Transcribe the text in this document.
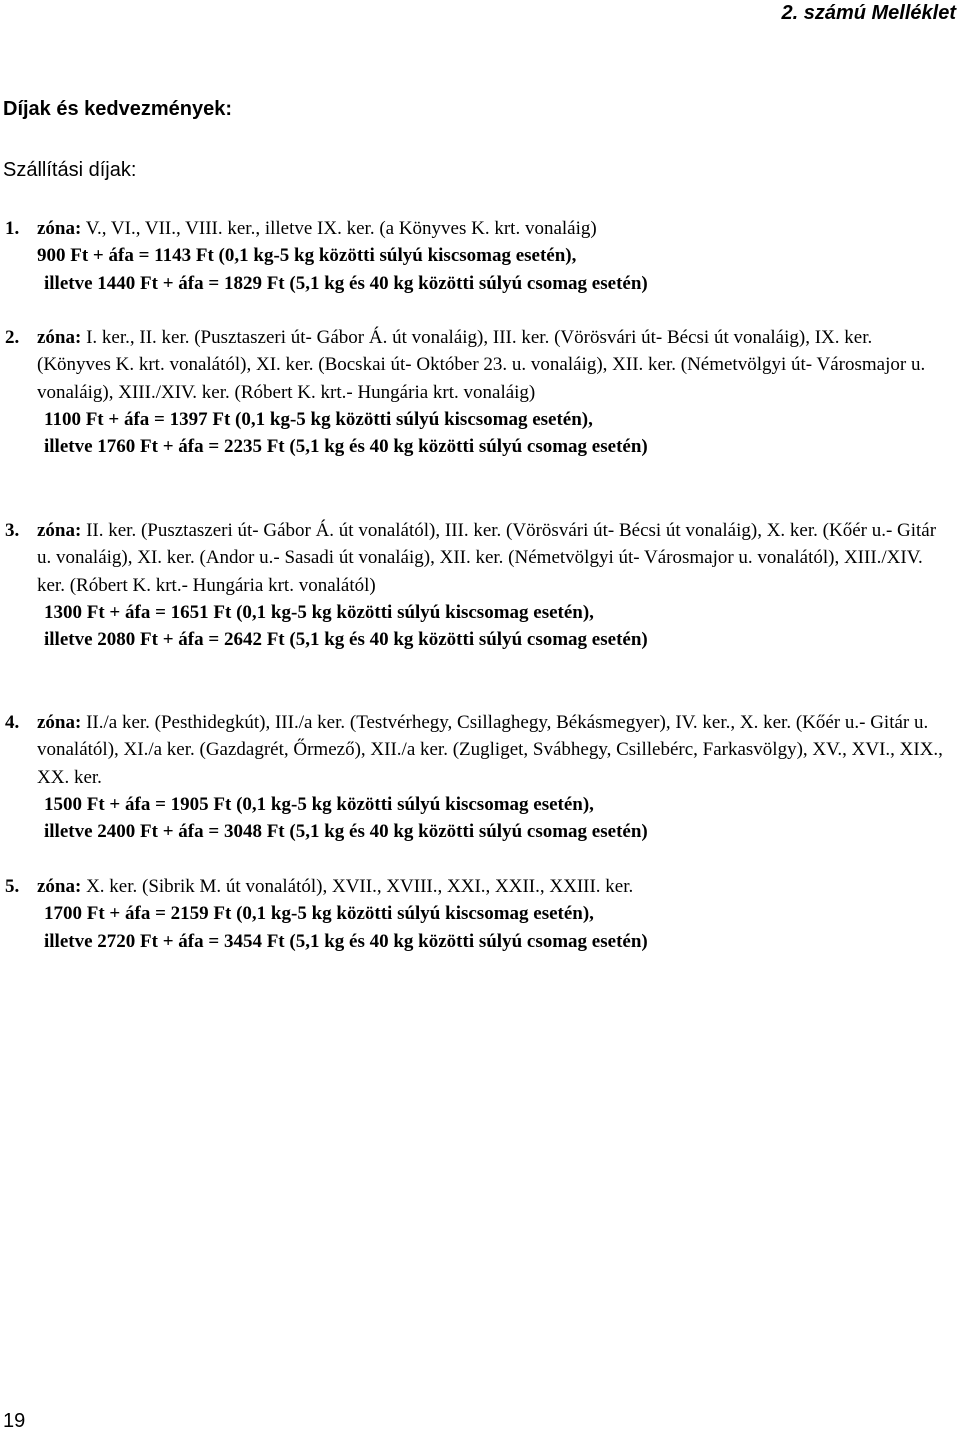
2. számú Melléklet
Díjak és kedvezmények:
Szállítási díjak:
1. zóna: V., VI., VII., VIII. ker., illetve IX. ker. (a Könyves K. krt. vonaláig)
900 Ft + áfa = 1143 Ft (0,1 kg-5 kg közötti súlyú kiscsomag esetén),
illetve 1440 Ft + áfa = 1829 Ft (5,1 kg és 40 kg közötti súlyú csomag esetén)
2. zóna: I. ker., II. ker. (Pusztaszeri út- Gábor Á. út vonaláig), III. ker. (Vörösvári út- Bécsi út vonaláig), IX. ker. (Könyves K. krt. vonalától), XI. ker. (Bocskai út- Október 23. u. vonaláig), XII. ker. (Németvölgyi út- Városmajor u. vonaláig), XIII./XIV. ker. (Róbert K. krt.- Hungária krt. vonaláig)
1100 Ft + áfa = 1397 Ft (0,1 kg-5 kg közötti súlyú kiscsomag esetén),
illetve 1760 Ft + áfa = 2235 Ft (5,1 kg és 40 kg közötti súlyú csomag esetén)
3. zóna: II. ker. (Pusztaszeri út- Gábor Á. út vonalától), III. ker. (Vörösvári út- Bécsi út vonaláig), X. ker. (Kőér u.- Gitár u. vonaláig), XI. ker. (Andor u.- Sasadi út vonaláig), XII. ker. (Németvölgyi út- Városmajor u. vonalától), XIII./XIV. ker. (Róbert K. krt.- Hungária krt. vonalától)
1300 Ft + áfa = 1651 Ft (0,1 kg-5 kg közötti súlyú kiscsomag esetén),
illetve 2080 Ft + áfa = 2642 Ft (5,1 kg és 40 kg közötti súlyú csomag esetén)
4. zóna: II./a ker. (Pesthidegkút), III./a ker. (Testvérhegy, Csillaghegy, Békásmegyer), IV. ker., X. ker. (Kőér u.- Gitár u. vonalától), XI./a ker. (Gazdagrét, Őrmező), XII./a ker. (Zugliget, Svábhegy, Csillebérc, Farkasvölgy), XV., XVI., XIX., XX. ker.
1500 Ft + áfa = 1905 Ft (0,1 kg-5 kg közötti súlyú kiscsomag esetén),
illetve 2400 Ft + áfa = 3048 Ft (5,1 kg és 40 kg közötti súlyú csomag esetén)
5. zóna: X. ker. (Sibrik M. út vonalától), XVII., XVIII., XXI., XXII., XXIII. ker.
1700 Ft + áfa = 2159 Ft (0,1 kg-5 kg közötti súlyú kiscsomag esetén),
illetve 2720 Ft + áfa = 3454 Ft (5,1 kg és 40 kg közötti súlyú csomag esetén)
19
